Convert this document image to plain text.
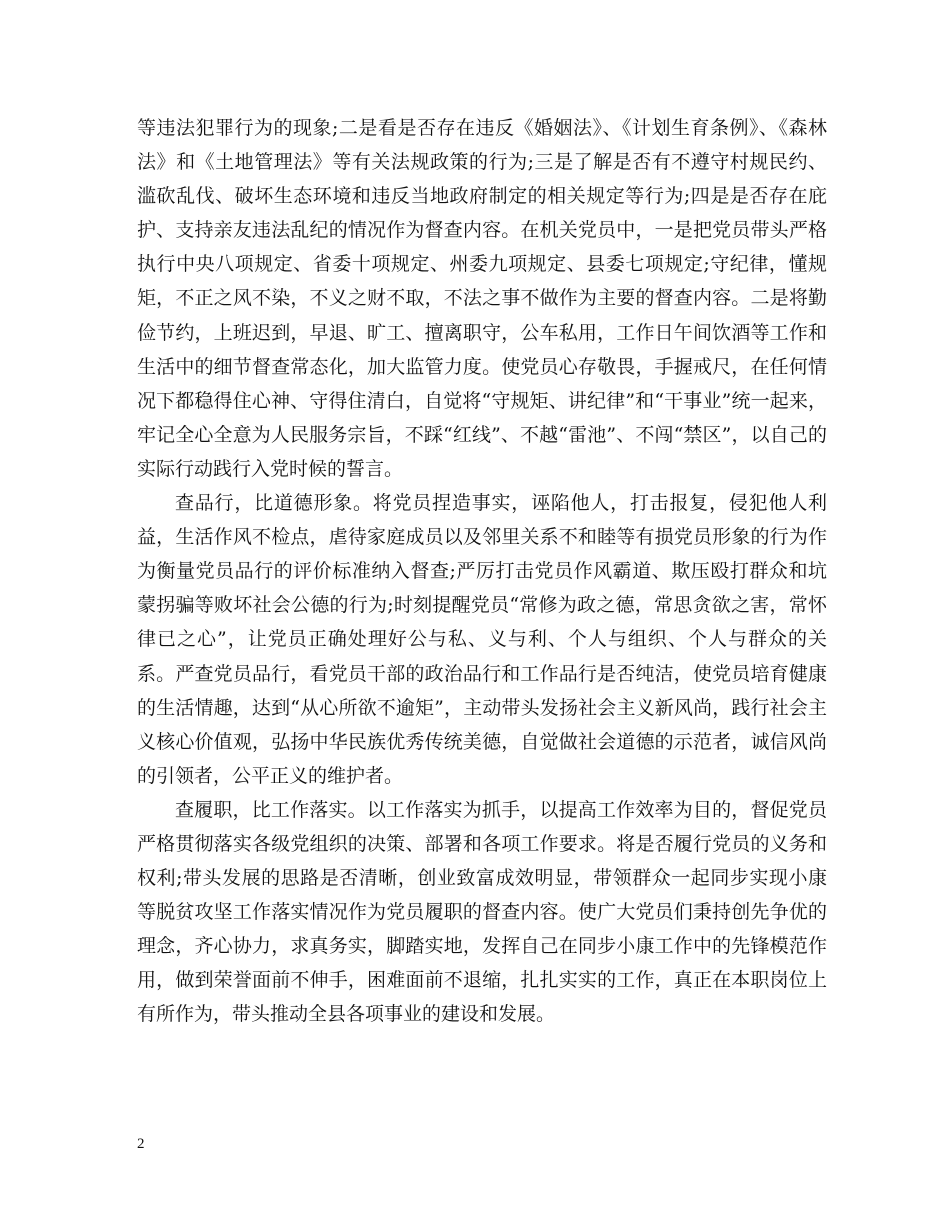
等违法犯罪行为的现象;二是看是否存在违反《婚姻法》、《计划生育条例》、《森林法》和《土地管理法》等有关法规政策的行为;三是了解是否有不遵守村规民约、滥砍乱伐、破坏生态环境和违反当地政府制定的相关规定等行为;四是是否存在庇护、支持亲友违法乱纪的情况作为督查内容。在机关党员中，一是把党员带头严格执行中央八项规定、省委十项规定、州委九项规定、县委七项规定;守纪律，懂规矩，不正之风不染，不义之财不取，不法之事不做作为主要的督查内容。二是将勤俭节约，上班迟到，早退、旷工、擅离职守，公车私用，工作日午间饮酒等工作和生活中的细节督查常态化，加大监管力度。使党员心存敬畏，手握戒尺，在任何情况下都稳得住心神、守得住清白，自觉将“守规矩、讲纪律”和“干事业”统一起来，牢记全心全意为人民服务宗旨，不踩“红线”、不越“雷池”、不闯“禁区”，以自己的实际行动践行入党时候的誓言。

查品行，比道德形象。将党员捏造事实，诬陷他人，打击报复，侵犯他人利益，生活作风不检点，虐待家庭成员以及邻里关系不和睦等有损党员形象的行为作为衡量党员品行的评价标准纳入督查;严厉打击党员作风霸道、欺压殴打群众和坑蒙拐骗等败坏社会公德的行为;时刻提醒党员“常修为政之德，常思贪欲之害，常怀律已之心”，让党员正确处理好公与私、义与利、个人与组织、个人与群众的关系。严查党员品行，看党员干部的政治品行和工作品行是否纯洁，使党员培育健康的生活情趣，达到“从心所欲不逾矩”，主动带头发扬社会主义新风尚，践行社会主义核心价值观，弘扬中华民族优秀传统美德，自觉做社会道德的示范者，诚信风尚的引领者，公平正义的维护者。

查履职，比工作落实。以工作落实为抓手，以提高工作效率为目的，督促党员严格贯彻落实各级党组织的决策、部署和各项工作要求。将是否履行党员的义务和权利;带头发展的思路是否清晰，创业致富成效明显，带领群众一起同步实现小康等脱贫攻坚工作落实情况作为党员履职的督查内容。使广大党员们秉持创先争优的理念，齐心协力，求真务实，脚踏实地，发挥自己在同步小康工作中的先锋模范作用，做到荣誉面前不伸手，困难面前不退缩，扎扎实实的工作，真正在本职岗位上有所作为，带头推动全县各项事业的建设和发展。

2
